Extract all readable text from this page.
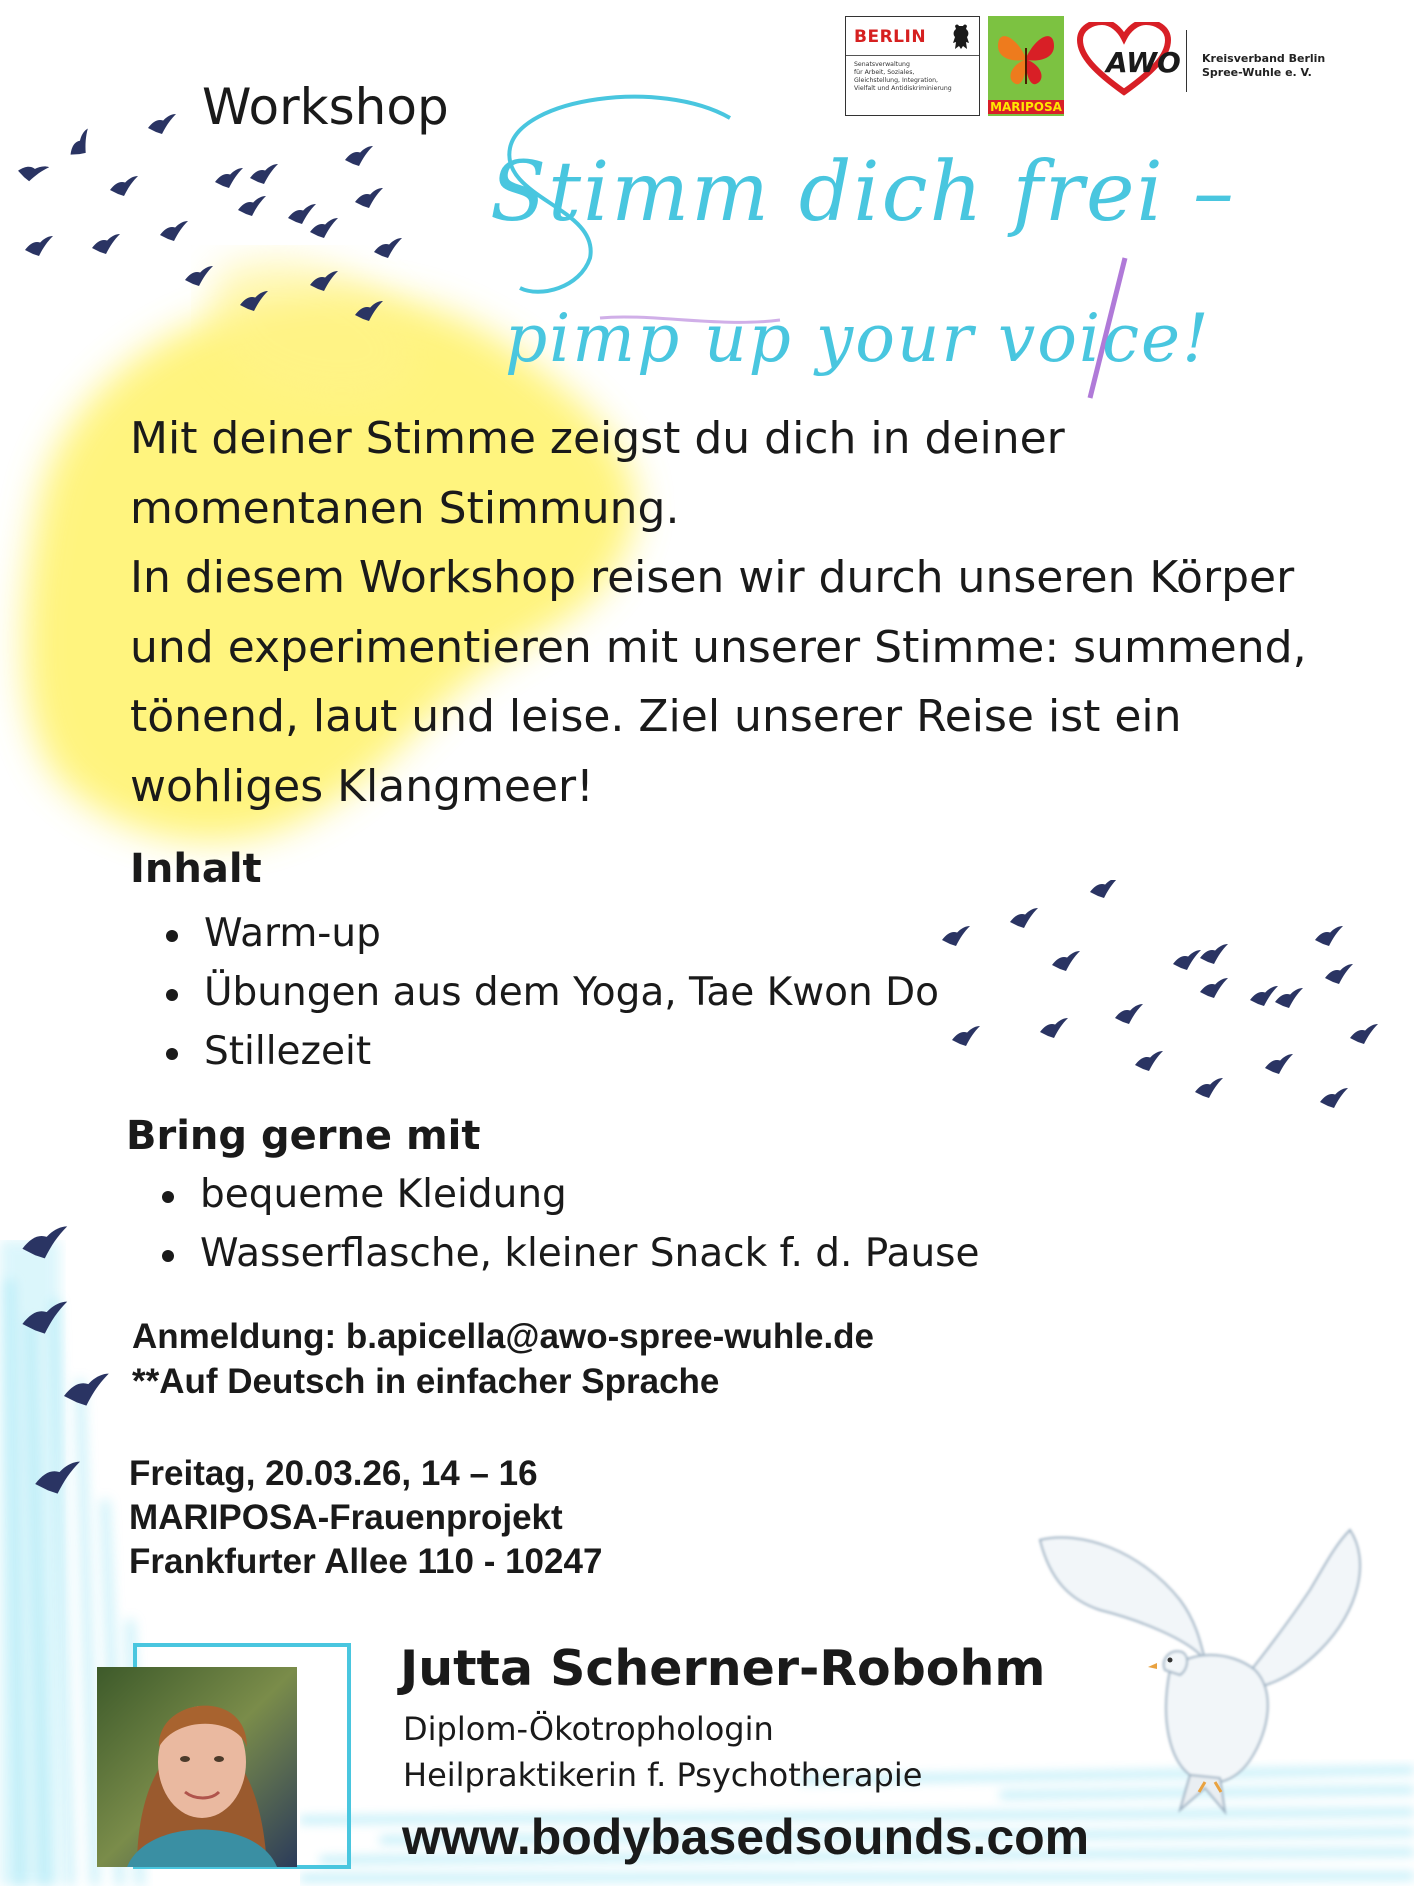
BERLIN
Senatsverwaltung
für Arbeit, Soziales,
Gleichstellung, Integration,
Vielfalt und Antidiskriminierung
MARIPOSA
AWO Kreisverband Berlin
Spree-Wuhle e. V.
Workshop
Stimm dich frei –
pimp up your voice!

Mit deiner Stimme zeigst du dich in deiner momentanen Stimmung.

In diesem Workshop reisen wir durch unseren Körper und experimentieren mit unserer Stimme: summend, tönend, laut und leise. Ziel unserer Reise ist ein wohliges Klangmeer!

Inhalt
Warm-up
Übungen aus dem Yoga, Tae Kwon Do
Stillezeit
Bring gerne mit
bequeme Kleidung
Wasserflasche, kleiner Snack f. d. Pause
Anmeldung: b.apicella@awo-spree-wuhle.de
**Auf Deutsch in einfacher Sprache
Freitag, 20.03.26, 14 – 16
MARIPOSA-Frauenprojekt
Frankfurter Allee 110 - 10247
Jutta Scherner-Robohm
Diplom-Ökotrophologin
Heilpraktikerin f. Psychotherapie
www.bodybasedsounds.com
